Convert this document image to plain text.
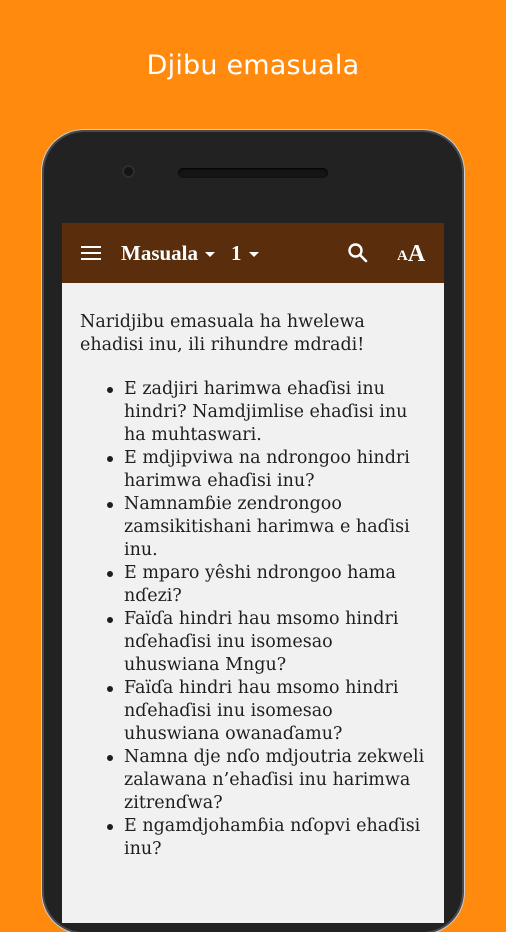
Djibu emasuala
Masuala 1	A A

Naridjibu emasuala ha hwelewa ehadisi inu, ili rihundre mdradi!

E zadjiri harimwa ehaɗisi inu hindri? Namdjimlise ehaɗisi inu ha muhtaswari.
E mdjipviwa na ndrongoo hindri harimwa ehaɗisi inu?
Namnamɓie zendrongoo zamsikitishani harimwa e haɗisi inu.
E mparo yêshi ndrongoo hama nɗezi?
Faïɗa hindri hau msomo hindri nɗehaɗisi inu isomesao uhuswiana Mngu?
Faïɗa hindri hau msomo hindri nɗehaɗisi inu isomesao uhuswiana owanaɗamu?
Namna dje nɗo mdjoutria zekweli zalawana n’ehaɗisi inu harimwa zitrenɗwa?
E ngamdjohamɓia nɗopvi ehaɗisi inu?
